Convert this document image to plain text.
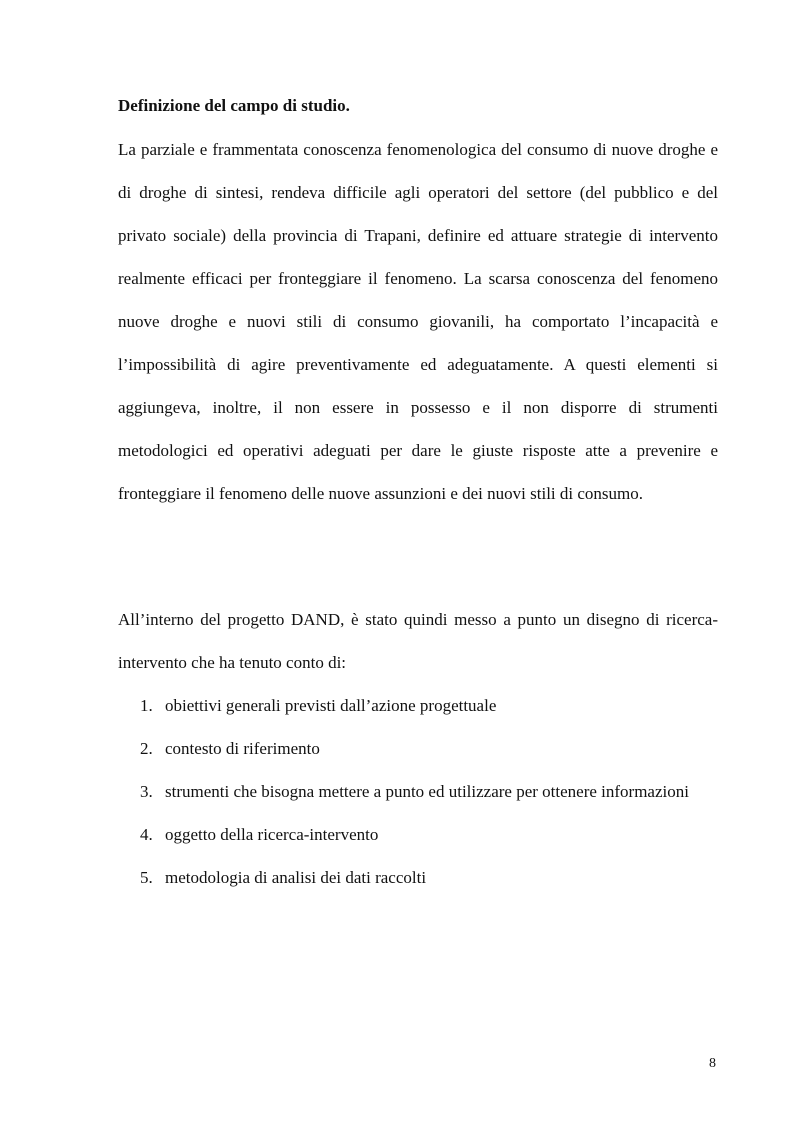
Definizione del campo di studio.

La parziale e frammentata conoscenza fenomenologica del consumo di nuove droghe e di droghe di sintesi, rendeva difficile agli operatori del settore (del pubblico e del privato sociale) della provincia di Trapani, definire ed attuare strategie di intervento realmente efficaci per fronteggiare il fenomeno. La scarsa conoscenza del fenomeno nuove droghe e nuovi stili di consumo giovanili, ha comportato l’incapacità e l’impossibilità di agire preventivamente ed adeguatamente. A questi elementi si aggiungeva, inoltre, il non essere in possesso e il non disporre di strumenti metodologici ed operativi adeguati per dare le giuste risposte atte a prevenire e fronteggiare il fenomeno delle nuove assunzioni e dei nuovi stili di consumo.

All’interno del progetto DAND, è stato quindi messo a punto un disegno di ricerca-intervento che ha tenuto conto di:

1. obiettivi generali previsti dall’azione progettuale
2. contesto di riferimento
3. strumenti che bisogna mettere a punto ed utilizzare per ottenere informazioni
4. oggetto della ricerca-intervento
5. metodologia di analisi dei dati raccolti
8
